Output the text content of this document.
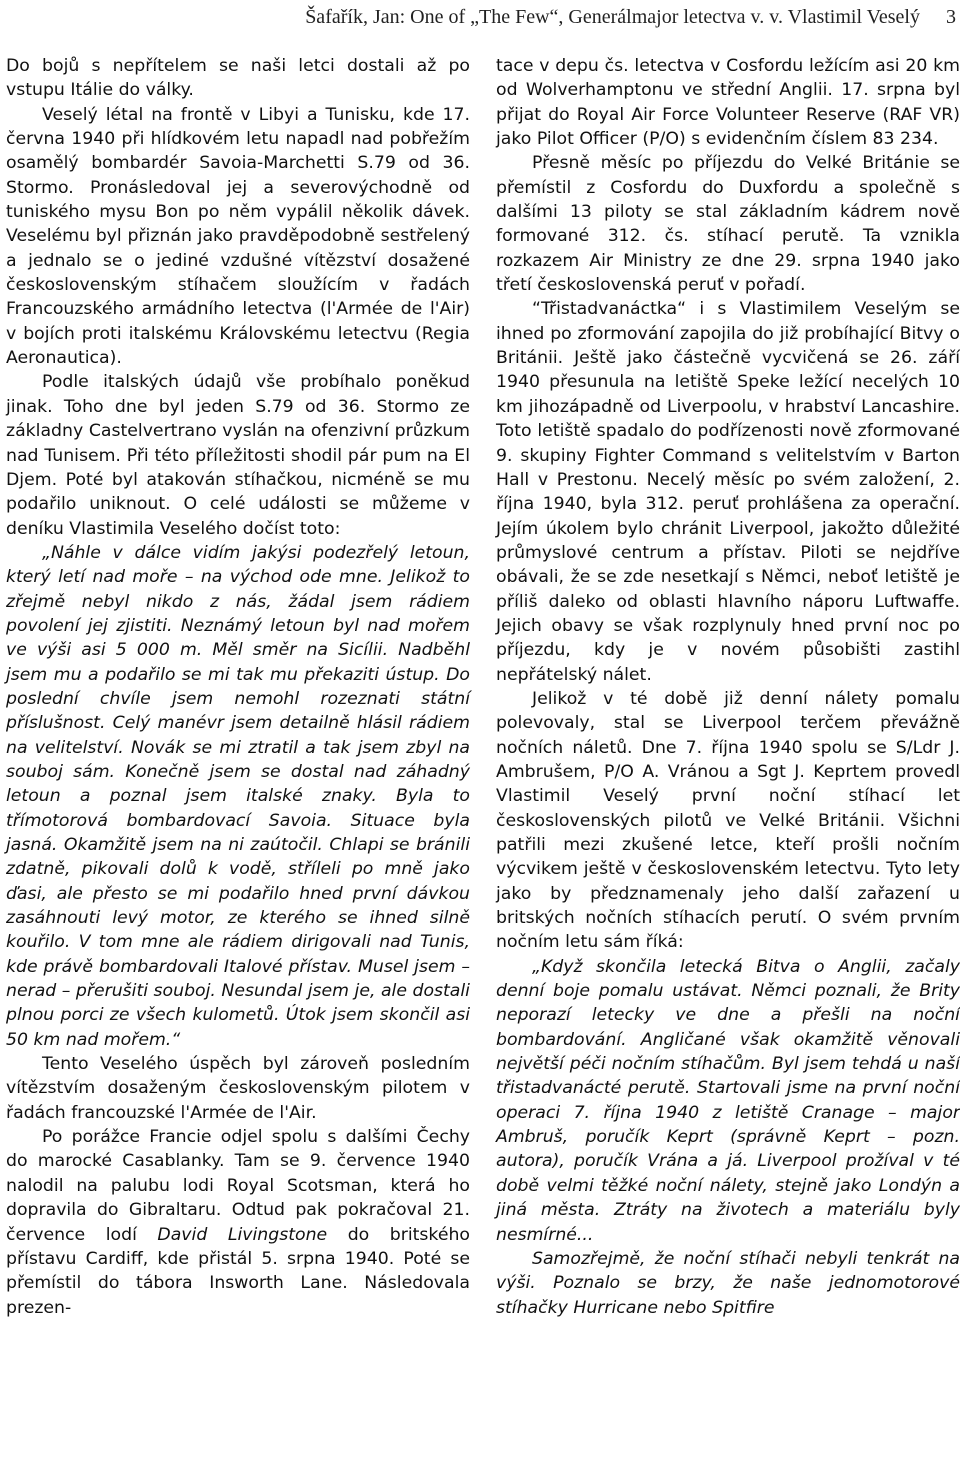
Šafařík, Jan: One of „The Few“, Generálmajor letectva v. v. Vlastimil Veselý 3

Do bojů s nepřítelem se naši letci dostali až po vstupu Itálie do války.

Veselý létal na frontě v Libyi a Tunisku, kde 17. června 1940 při hlídkovém letu napadl nad pobřežím osamělý bombardér Savoia-Marchetti S.79 od 36. Stormo. Pronásledoval jej a severovýchodně od tuniského mysu Bon po něm vypálil několik dávek. Veselému byl přiznán jako pravděpodobně sestřelený a jednalo se o jediné vzdušné vítězství dosažené československým stíhačem sloužícím v řadách Francouzského armádního letectva (l'Armée de l'Air) v bojích proti italskému Královskému letectvu (Regia Aeronautica).

Podle italských údajů vše probíhalo poněkud jinak. Toho dne byl jeden S.79 od 36. Stormo ze základny Castelvertrano vyslán na ofenzivní průzkum nad Tunisem. Při této příležitosti shodil pár pum na El Djem. Poté byl atakován stíhačkou, nicméně se mu podařilo uniknout. O celé události se můžeme v deníku Vlastimila Veselého dočíst toto:

„Náhle v dálce vidím jakýsi podezřelý letoun, který letí nad moře – na východ ode mne. Jelikož to zřejmě nebyl nikdo z nás, žádal jsem rádiem povolení jej zjistiti. Neznámý letoun byl nad mořem ve výši asi 5 000 m. Měl směr na Sicílii. Nadběhl jsem mu a podařilo se mi tak mu překaziti ústup. Do poslední chvíle jsem nemohl rozeznati státní příslušnost. Celý manévr jsem detailně hlásil rádiem na velitelství. Novák se mi ztratil a tak jsem zbyl na souboj sám. Konečně jsem se dostal nad záhadný letoun a poznal jsem italské znaky. Byla to třímotorová bombardovací Savoia. Situace byla jasná. Okamžitě jsem na ni zaútočil. Chlapi se bránili zdatně, pikovali dolů k vodě, stříleli po mně jako ďasi, ale přesto se mi podařilo hned první dávkou zasáhnouti levý motor, ze kterého se ihned silně kouřilo. V tom mne ale rádiem dirigovali nad Tunis, kde právě bombardovali Italové přístav. Musel jsem – nerad – přerušiti souboj. Nesundal jsem je, ale dostali plnou porci ze všech kulometů. Útok jsem skončil asi 50 km nad mořem.“

Tento Veselého úspěch byl zároveň posledním vítězstvím dosaženým československým pilotem v řadách francouzské l'Armée de l'Air.

Po porážce Francie odjel spolu s dalšími Čechy do marocké Casablanky. Tam se 9. července 1940 nalodil na palubu lodi Royal Scotsman, která ho dopravila do Gibraltaru. Odtud pak pokračoval 21. července lodí David Livingstone do britského přístavu Cardiff, kde přistál 5. srpna 1940. Poté se přemístil do tábora Insworth Lane. Následovala prezen-

tace v depu čs. letectva v Cosfordu ležícím asi 20 km od Wolverhamptonu ve střední Anglii. 17. srpna byl přijat do Royal Air Force Volunteer Reserve (RAF VR) jako Pilot Officer (P/O) s evidenčním číslem 83 234.

Přesně měsíc po příjezdu do Velké Británie se přemístil z Cosfordu do Duxfordu a společně s dalšími 13 piloty se stal základním kádrem nově formované 312. čs. stíhací perutě. Ta vznikla rozkazem Air Ministry ze dne 29. srpna 1940 jako třetí československá peruť v pořadí.

“Třistadvanáctka“ i s Vlastimilem Veselým se ihned po zformování zapojila do již probíhající Bitvy o Británii. Ještě jako částečně vycvičená se 26. září 1940 přesunula na letiště Speke ležící necelých 10 km jihozápadně od Liverpoolu, v hrabství Lancashire. Toto letiště spadalo do podřízenosti nově zformované 9. skupiny Fighter Command s velitelstvím v Barton Hall v Prestonu. Necelý měsíc po svém založení, 2. října 1940, byla 312. peruť prohlášena za operační. Jejím úkolem bylo chránit Liverpool, jakožto důležité průmyslové centrum a přístav. Piloti se nejdříve obávali, že se zde nesetkají s Němci, neboť letiště je příliš daleko od oblasti hlavního náporu Luftwaffe. Jejich obavy se však rozplynuly hned první noc po příjezdu, kdy je v novém působišti zastihl nepřátelský nálet.

Jelikož v té době již denní nálety pomalu polevovaly, stal se Liverpool terčem převážně nočních náletů. Dne 7. října 1940 spolu se S/Ldr J. Ambrušem, P/O A. Vránou a Sgt J. Keprtem provedl Vlastimil Veselý první noční stíhací let československých pilotů ve Velké Británii. Všichni patřili mezi zkušené letce, kteří prošli nočním výcvikem ještě v československém letectvu. Tyto lety jako by předznamenaly jeho další zařazení u britských nočních stíhacích perutí. O svém prvním nočním letu sám říká:

„Když skončila letecká Bitva o Anglii, začaly denní boje pomalu ustávat. Němci poznali, že Brity neporazí letecky ve dne a přešli na noční bombardování. Angličané však okamžitě věnovali největší péči nočním stíhačům. Byl jsem tehdá u naší třistadvanácté perutě. Startovali jsme na první noční operaci 7. října 1940 z letiště Cranage – major Ambruš, poručík Keprt (správně Keprt – pozn. autora), poručík Vrána a já. Liverpool prožíval v té době velmi těžké noční nálety, stejně jako Londýn a jiná města. Ztráty na životech a materiálu byly nesmírné...

Samozřejmě, že noční stíhači nebyli tenkrát na výši. Poznalo se brzy, že naše jednomotorové stíhačky Hurricane nebo Spitfire
